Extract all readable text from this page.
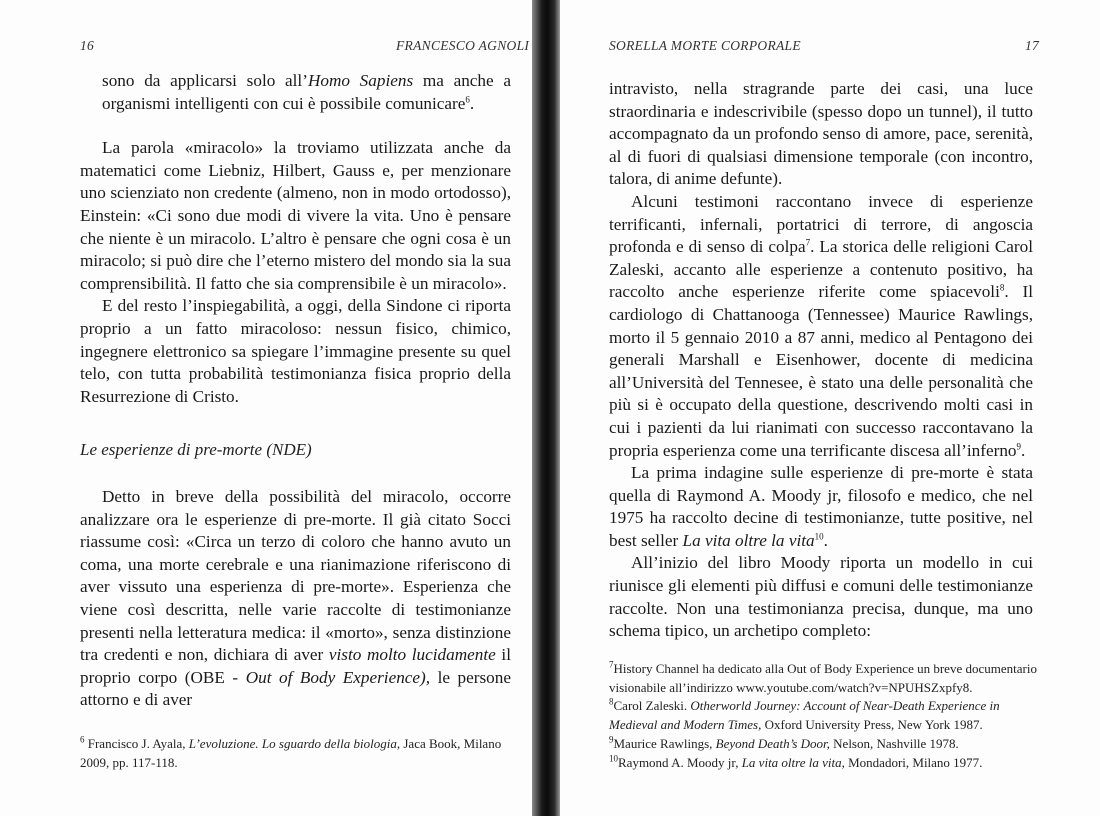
16	FRANCESCO AGNOLI

sono da applicarsi solo all’Homo Sapiens ma anche a organismi intelligenti con cui è possibile comunicare$^6$.

La parola «miracolo» la troviamo utilizzata anche da matematici come Liebniz, Hilbert, Gauss e, per menzionare uno scienziato non credente (almeno, non in modo ortodosso), Einstein: «Ci sono due modi di vivere la vita. Uno è pensare che niente è un miracolo. L’altro è pensare che ogni cosa è un miracolo; si può dire che l’eterno mistero del mondo sia la sua comprensibilità. Il fatto che sia comprensibile è un miracolo».

E del resto l’inspiegabilità, a oggi, della Sindone ci riporta proprio a un fatto miracoloso: nessun fisico, chimico, ingegnere elettronico sa spiegare l’immagine presente su quel telo, con tutta probabilità testimonianza fisica proprio della Resurrezione di Cristo.

Le esperienze di pre-morte (NDE)

Detto in breve della possibilità del miracolo, occorre analizzare ora le esperienze di pre-morte. Il già citato Socci riassume così: «Circa un terzo di coloro che hanno avuto un coma, una morte cerebrale e una rianimazione riferiscono di aver vissuto una esperienza di pre-morte». Esperienza che viene così descritta, nelle varie raccolte di testimonianze presenti nella letteratura medica: il «morto», senza distinzione tra credenti e non, dichiara di aver visto molto lucidamente il proprio corpo (OBE - Out of Body Experience), le persone attorno e di aver

$^6$ Francisco J. Ayala, L’evoluzione. Lo sguardo della biologia, Jaca Book, Milano 2009, pp. 117-118.

SORELLA MORTE CORPORALE	17

intravisto, nella stragrande parte dei casi, una luce straordinaria e indescrivibile (spesso dopo un tunnel), il tutto accompagnato da un profondo senso di amore, pace, serenità, al di fuori di qualsiasi dimensione temporale (con incontro, talora, di anime defunte).

Alcuni testimoni raccontano invece di esperienze terrificanti, infernali, portatrici di terrore, di angoscia profonda e di senso di colpa$^7$. La storica delle religioni Carol Zaleski, accanto alle esperienze a contenuto positivo, ha raccolto anche esperienze riferite come spiacevoli$^8$. Il cardiologo di Chattanooga (Tennessee) Maurice Rawlings, morto il 5 gennaio 2010 a 87 anni, medico al Pentagono dei generali Marshall e Eisenhower, docente di medicina all’Università del Tennesee, è stato una delle personalità che più si è occupato della questione, descrivendo molti casi in cui i pazienti da lui rianimati con successo raccontavano la propria esperienza come una terrificante discesa all’inferno$^9$.

La prima indagine sulle esperienze di pre-morte è stata quella di Raymond A. Moody jr, filosofo e medico, che nel 1975 ha raccolto decine di testimonianze, tutte positive, nel best seller La vita oltre la vita$^{10}$.

All’inizio del libro Moody riporta un modello in cui riunisce gli elementi più diffusi e comuni delle testimonianze raccolte. Non una testimonianza precisa, dunque, ma uno schema tipico, un archetipo completo:

$^7$History Channel ha dedicato alla Out of Body Experience un breve documentario visionabile all’indirizzo www.youtube.com/watch?v=NPUHSZxpfy8.

$^8$Carol Zaleski. Otherworld Journey: Account of Near-Death Experience in Medieval and Modern Times, Oxford University Press, New York 1987.

$^9$Maurice Rawlings, Beyond Death’s Door, Nelson, Nashville 1978.

$^{10}$Raymond A. Moody jr, La vita oltre la vita, Mondadori, Milano 1977.
